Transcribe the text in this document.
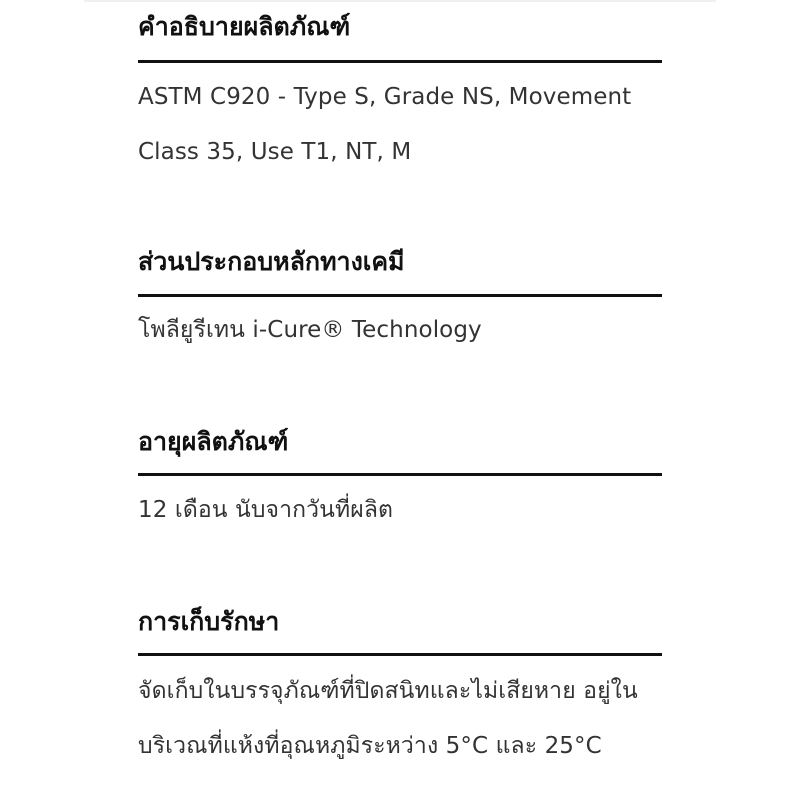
คำอธิบายผลิตภัณฑ์
ASTM C920 - Type S, Grade NS, Movement
Class 35, Use T1, NT, M
ส่วนประกอบหลักทางเคมี
โพลียูรีเทน i-Cure® Technology
อายุผลิตภัณฑ์
12 เดือน นับจากวันที่ผลิต
การเก็บรักษา
จัดเก็บในบรรจุภัณฑ์ที่ปิดสนิทและไม่เสียหาย อยู่ใน
บริเวณที่แห้งที่อุณหภูมิระหว่าง 5°C และ 25°C
